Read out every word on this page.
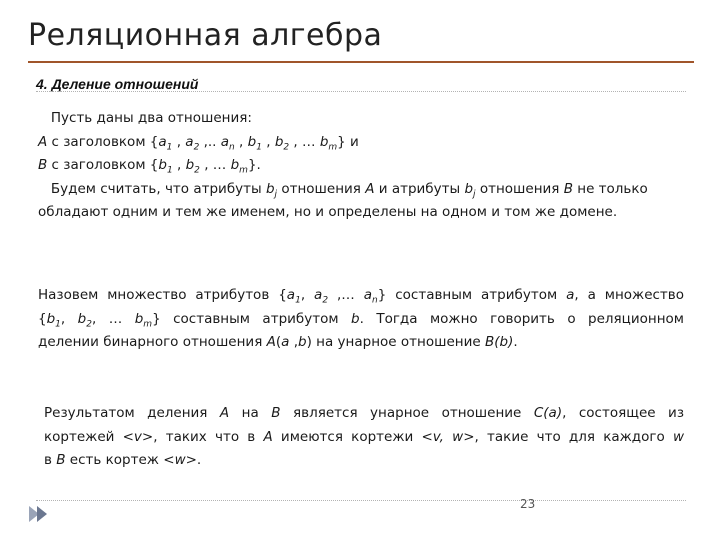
Реляционная алгебра
4. Деление отношений
Пусть даны два отношения:
A с заголовком {$a_1$ , $a_2$ ,.. $a_n$ , $b_1$ , $b_2$ , … $b_m$} и
B с заголовком {$b_1$ , $b_2$ , … $b_m$}.
Будем считать, что атрибуты $b_j$ отношения A и атрибуты $b_j$ отношения B не только
обладают одним и тем же именем, но и определены на одном и том же домене.
Назовем множество атрибутов {$a_1$, $a_2$ ,… $a_n$} составным атрибутом a, а множество
{$b_1$, $b_2$, … $b_m$} составным атрибутом b. Тогда можно говорить о реляционном
делении бинарного отношения A(a ,b) на унарное отношение B(b).
Результатом деления A на B является унарное отношение C(a), состоящее из
кортежей <v>, таких что в A имеются кортежи <v, w>, такие что для каждого w
в B есть кортеж <w>.
23
